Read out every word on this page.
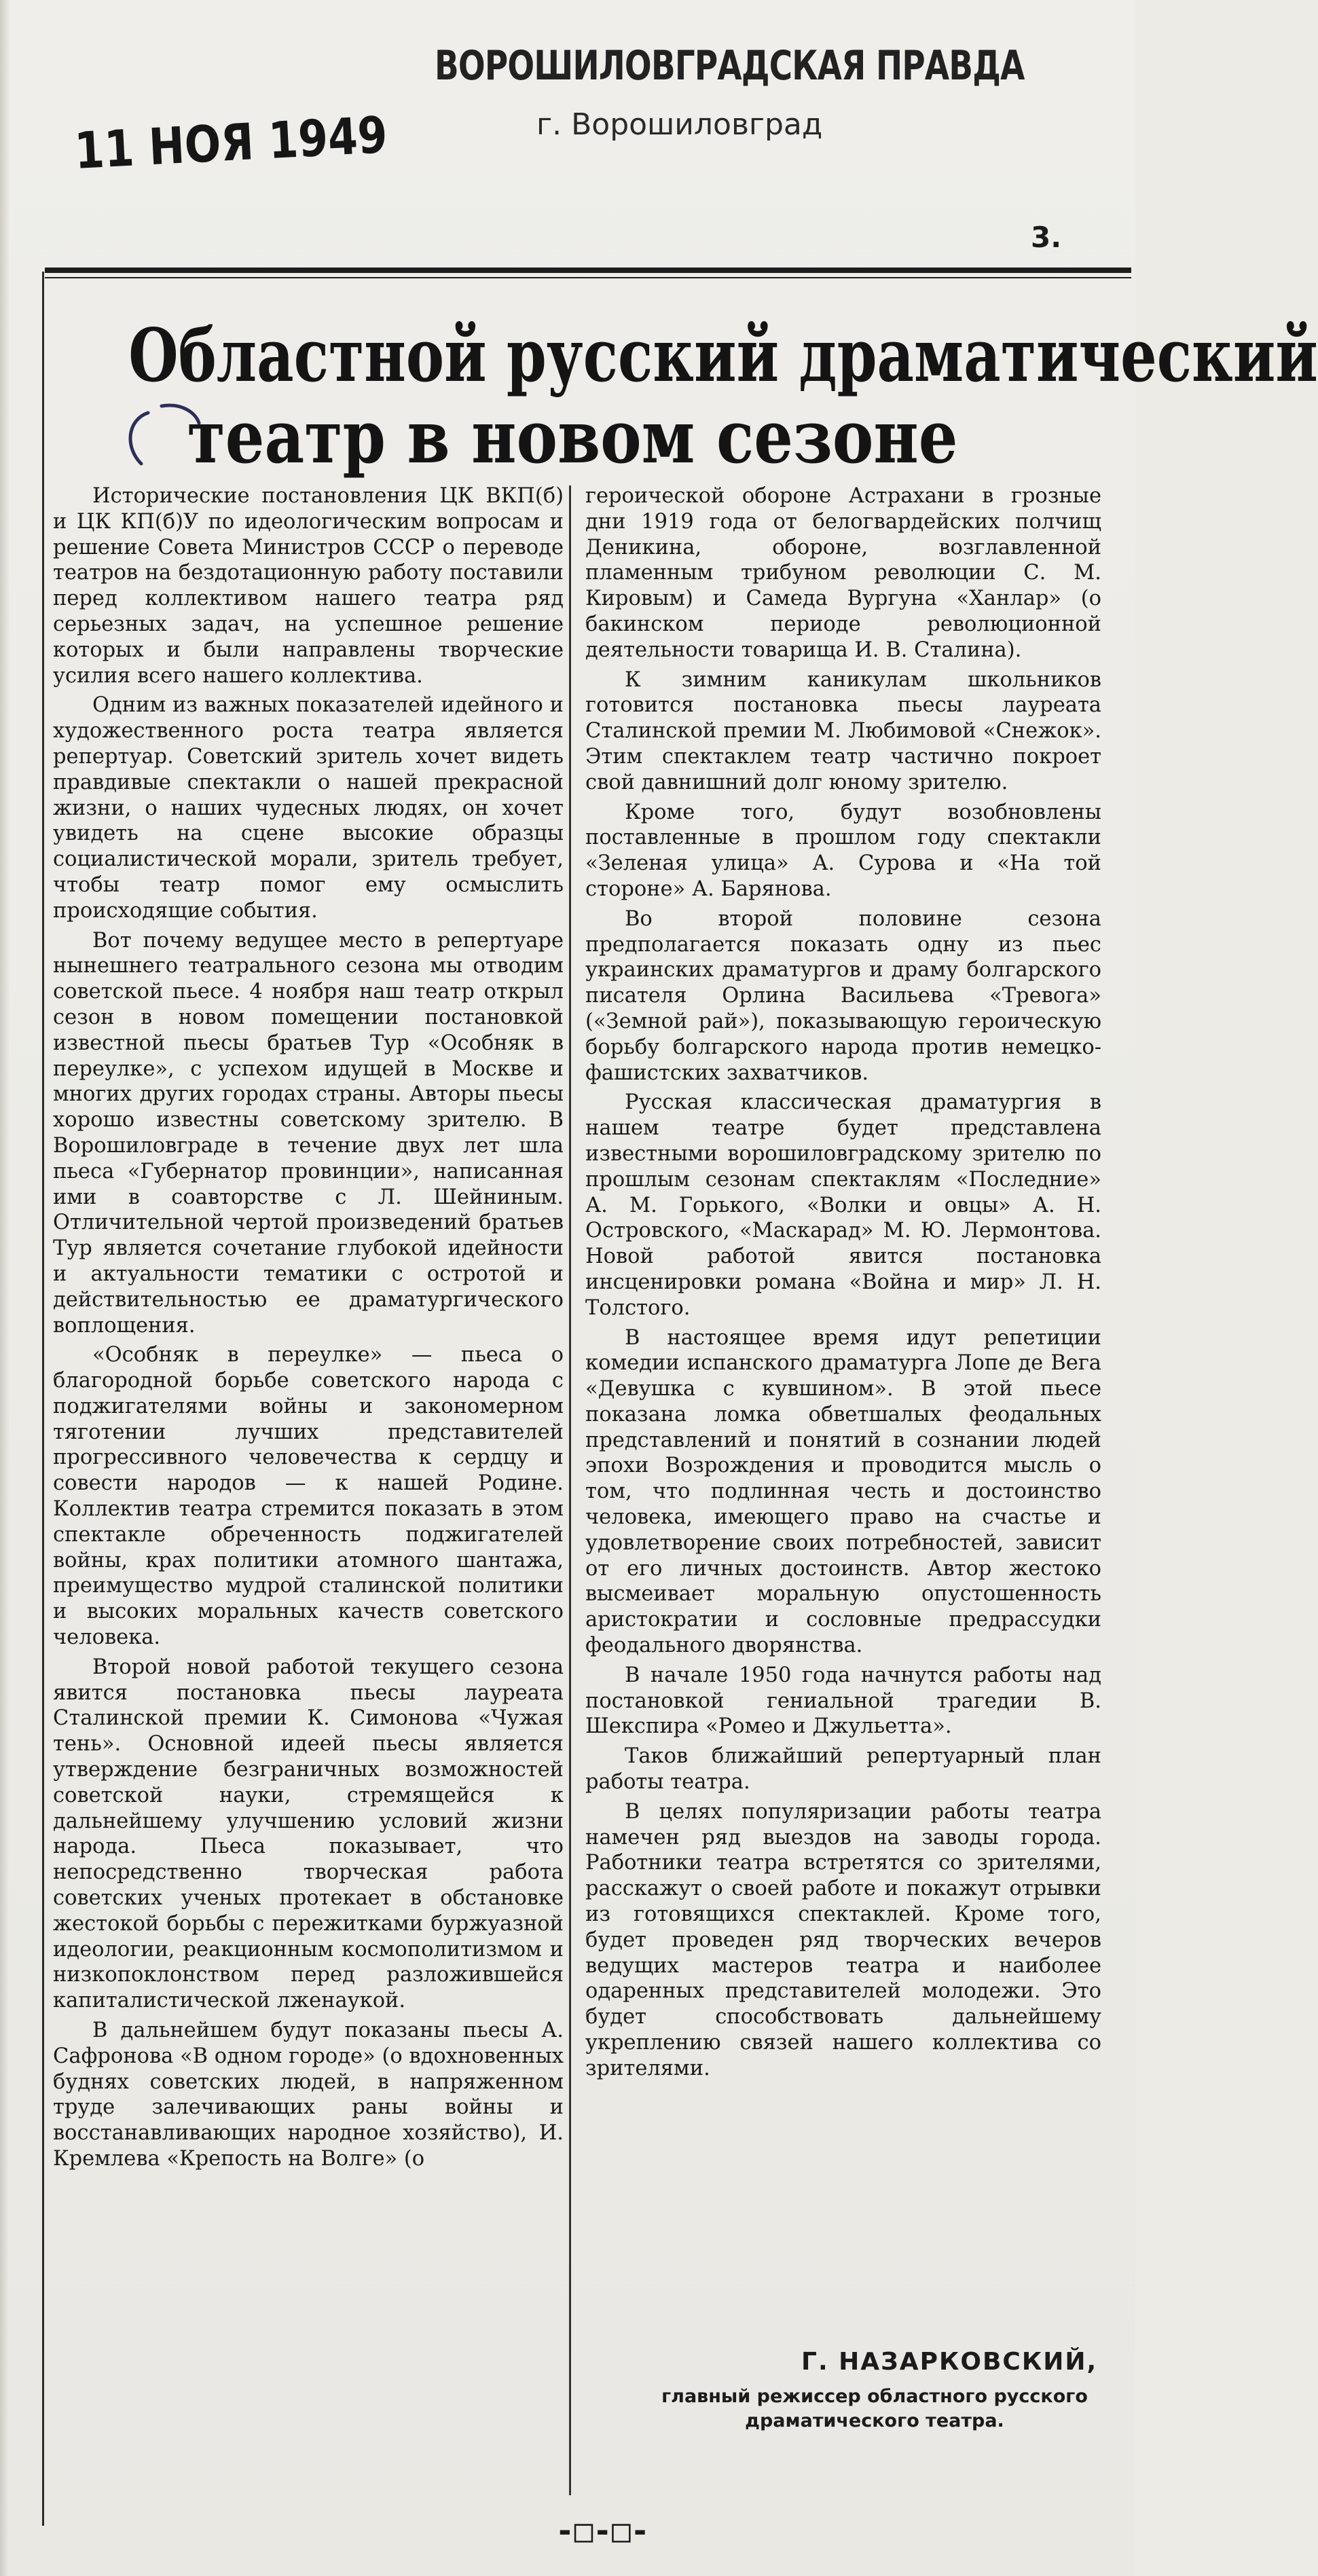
ВОРОШИЛОВГРАДСКАЯ ПРАВДА
г. Ворошиловград
11 НОЯ 1949
3.
Областной русский драматический
театр в новом сезоне

Исторические постановления ЦК ВКП(б) и ЦК КП(б)У по идеологическим вопросам и решение Совета Министров СССР о переводе театров на бездотационную работу поставили перед коллективом нашего театра ряд серьезных задач, на успешное решение которых и были направлены творческие усилия всего нашего коллектива.

Одним из важных показателей идейного и художественного роста театра является репертуар. Советский зритель хочет видеть правдивые спектакли о нашей прекрасной жизни, о наших чудесных людях, он хочет увидеть на сцене высокие образцы социалистической морали, зритель требует, чтобы театр помог ему осмыслить происходящие события.

Вот почему ведущее место в репертуаре нынешнего театрального сезона мы отводим советской пьесе. 4 ноября наш театр открыл сезон в новом помещении постановкой известной пьесы братьев Тур «Особняк в переулке», с успехом идущей в Москве и многих других городах страны. Авторы пьесы хорошо известны советскому зрителю. В Ворошиловграде в течение двух лет шла пьеса «Губернатор провинции», написанная ими в соавторстве с Л. Шейниным. Отличительной чертой произведений братьев Тур является сочетание глубокой идейности и актуальности тематики с остротой и действительностью ее драматургического воплощения.

«Особняк в переулке» — пьеса о благородной борьбе советского народа с поджигателями войны и закономерном тяготении лучших представителей прогрессивного человечества к сердцу и совести народов — к нашей Родине. Коллектив театра стремится показать в этом спектакле обреченность поджигателей войны, крах политики атомного шантажа, преимущество мудрой сталинской политики и высоких моральных качеств советского человека.

Второй новой работой текущего сезона явится постановка пьесы лауреата Сталинской премии К. Симонова «Чужая тень». Основной идеей пьесы является утверждение безграничных возможностей советской науки, стремящейся к дальнейшему улучшению условий жизни народа. Пьеса показывает, что непосредственно творческая работа советских ученых протекает в обстановке жестокой борьбы с пережитками буржуазной идеологии, реакционным космополитизмом и низкопоклонством перед разложившейся капиталистической лженаукой.

В дальнейшем будут показаны пьесы А. Сафронова «В одном городе» (о вдохновенных буднях советских людей, в напряженном труде залечивающих раны войны и восстанавливающих народное хозяйство), И. Кремлева «Крепость на Волге» (о

героической обороне Астрахани в грозные дни 1919 года от белогвардейских полчищ Деникина, обороне, возглавленной пламенным трибуном революции С. М. Кировым) и Самеда Вургуна «Ханлар» (о бакинском периоде революционной деятельности товарища И. В. Сталина).

К зимним каникулам школьников готовится постановка пьесы лауреата Сталинской премии М. Любимовой «Снежок». Этим спектаклем театр частично покроет свой давнишний долг юному зрителю.

Кроме того, будут возобновлены поставленные в прошлом году спектакли «Зеленая улица» А. Сурова и «На той стороне» А. Барянова.

Во второй половине сезона предполагается показать одну из пьес украинских драматургов и драму болгарского писателя Орлина Васильева «Тревога» («Земной рай»), показывающую героическую борьбу болгарского народа против немецко-фашистских захватчиков.

Русская классическая драматургия в нашем театре будет представлена известными ворошиловградскому зрителю по прошлым сезонам спектаклям «Последние» А. М. Горького, «Волки и овцы» А. Н. Островского, «Маскарад» М. Ю. Лермонтова. Новой работой явится постановка инсценировки романа «Война и мир» Л. Н. Толстого.

В настоящее время идут репетиции комедии испанского драматурга Лопе де Вега «Девушка с кувшином». В этой пьесе показана ломка обветшалых феодальных представлений и понятий в сознании людей эпохи Возрождения и проводится мысль о том, что подлинная честь и достоинство человека, имеющего право на счастье и удовлетворение своих потребностей, зависит от его личных достоинств. Автор жестоко высмеивает моральную опустошенность аристократии и сословные предрассудки феодального дворянства.

В начале 1950 года начнутся работы над постановкой гениальной трагедии В. Шекспира «Ромео и Джульетта».

Таков ближайший репертуарный план работы театра.

В целях популяризации работы театра намечен ряд выездов на заводы города. Работники театра встретятся со зрителями, расскажут о своей работе и покажут отрывки из готовящихся спектаклей. Кроме того, будет проведен ряд творческих вечеров ведущих мастеров театра и наиболее одаренных представителей молодежи. Это будет способствовать дальнейшему укреплению связей нашего коллектива со зрителями.

Г. НАЗАРКОВСКИЙ,
главный режиссер областного русского драматического театра.
-□-□-
